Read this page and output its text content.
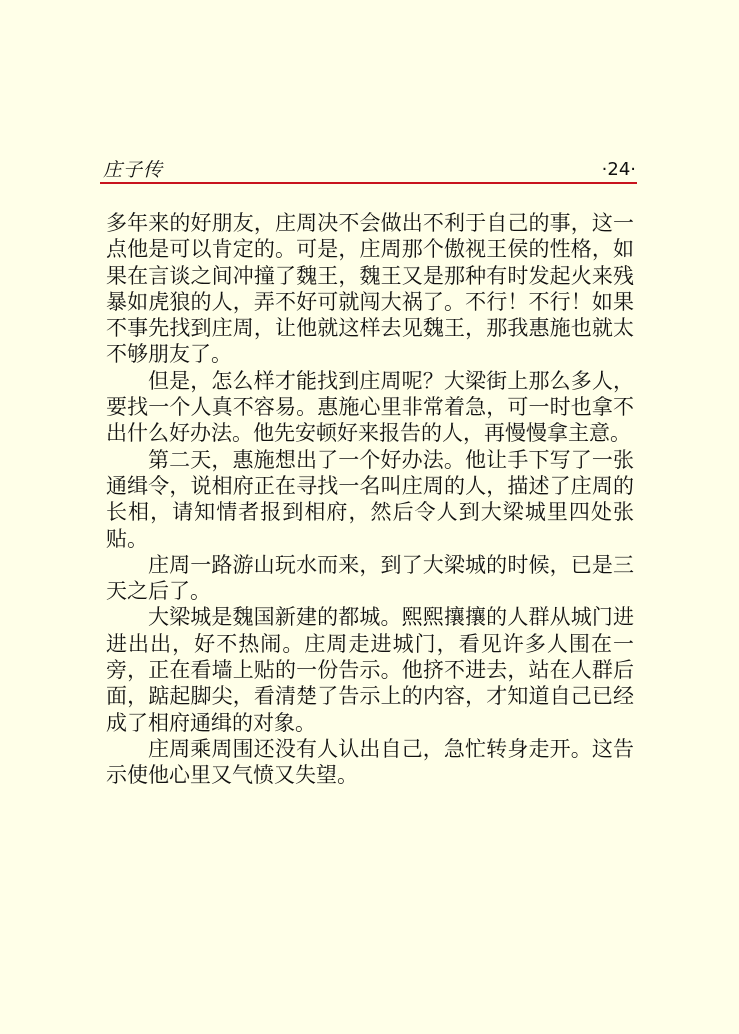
庄子传	·24·

多年来的好朋友，庄周决不会做出不利于自己的事，这一点他是可以肯定的。可是，庄周那个傲视王侯的性格，如果在言谈之间冲撞了魏王，魏王又是那种有时发起火来残暴如虎狼的人，弄不好可就闯大祸了。不行！不行！如果不事先找到庄周，让他就这样去见魏王，那我惠施也就太不够朋友了。

但是，怎么样才能找到庄周呢？大梁街上那么多人，要找一个人真不容易。惠施心里非常着急，可一时也拿不出什么好办法。他先安顿好来报告的人，再慢慢拿主意。

第二天，惠施想出了一个好办法。他让手下写了一张通缉令，说相府正在寻找一名叫庄周的人，描述了庄周的长相，请知情者报到相府，然后令人到大梁城里四处张贴。

庄周一路游山玩水而来，到了大梁城的时候，已是三天之后了。

大梁城是魏国新建的都城。熙熙攘攘的人群从城门进进出出，好不热闹。庄周走进城门，看见许多人围在一旁，正在看墙上贴的一份告示。他挤不进去，站在人群后面，踮起脚尖，看清楚了告示上的内容，才知道自己已经成了相府通缉的对象。

庄周乘周围还没有人认出自己，急忙转身走开。这告示使他心里又气愤又失望。
